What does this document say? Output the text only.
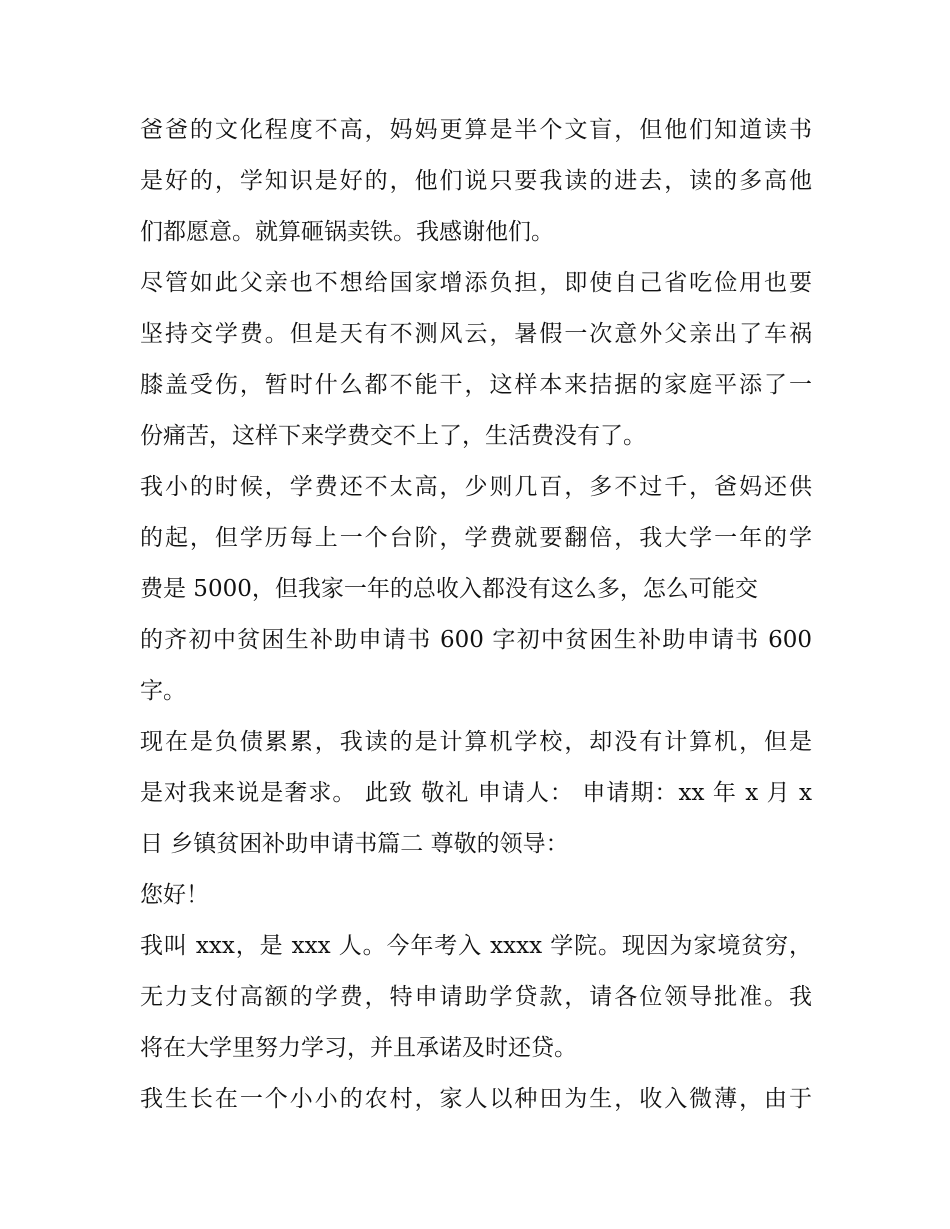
爸爸的文化程度不高，妈妈更算是半个文盲，但他们知道读书
是好的，学知识是好的，他们说只要我读的进去，读的多高他
们都愿意。就算砸锅卖铁。我感谢他们。
尽管如此父亲也不想给国家增添负担，即使自己省吃俭用也要
坚持交学费。但是天有不测风云，暑假一次意外父亲出了车祸
膝盖受伤，暂时什么都不能干，这样本来拮据的家庭平添了一
份痛苦，这样下来学费交不上了，生活费没有了。
我小的时候，学费还不太高，少则几百，多不过千，爸妈还供
的起，但学历每上一个台阶，学费就要翻倍，我大学一年的学
费是 5000，但我家一年的总收入都没有这么多，怎么可能交
的齐初中贫困生补助申请书 600 字初中贫困生补助申请书 600
字。
现在是负债累累，我读的是计算机学校，却没有计算机，但是
是对我来说是奢求。 此致 敬礼 申请人： 申请期：xx 年 x 月 x
日 乡镇贫困补助申请书篇二 尊敬的领导：
您好！
我叫 xxx，是 xxx 人。今年考入 xxxx 学院。现因为家境贫穷，
无力支付高额的学费，特申请助学贷款，请各位领导批准。我
将在大学里努力学习，并且承诺及时还贷。
我生长在一个小小的农村，家人以种田为生，收入微薄，由于
